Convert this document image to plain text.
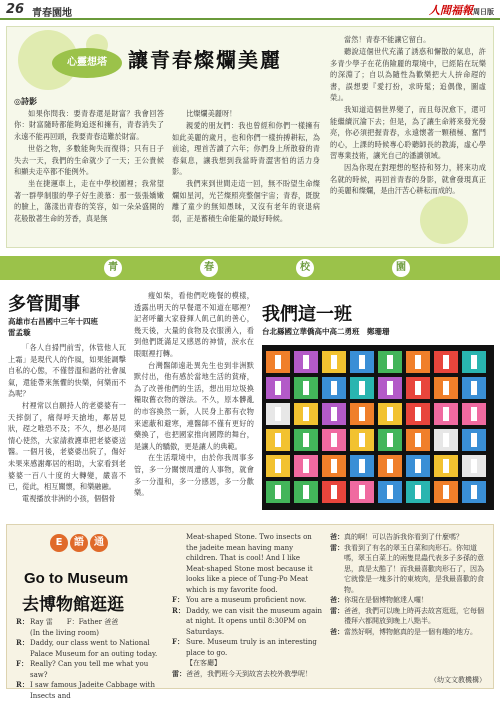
26 青春園地	人間福報周日版
心靈想塔	讓青春燦爛美麗
◎詩影

如果你問我：要青春還是財富？我會回答你：財富隨時都能夠追逐和擁有，青春消失了永遠不能再回頭，我要青春這難於財富。

世俗之物，多數能夠失而復得；只有日子失去一天，我們的生命就少了一天；王公貴候和顯夫走卒都不能例外。

坐在捷運車上，走在中學校園裡；我常望著一群學制服的學子好生羨慕：那一張張嬌嫩的臉上，蕩漾出青春的笑容，如一朵朵盛開的花般散著生命的芳香，真是無

比燦爛美麗呀！

親愛的朋友們：我也曾經和你們一樣擁有如此美麗的歲月，也和你們一樣拚搏耕耘，為前途，理首苦讀了六年；你們身上所散發的青春氣息，讓我想到我當時青澀害怕的活力身影。

我們來到世間走這一回，無不盼望生命燦爛如星河，光芒燦照亮整個宇宙；青春，既脫離了童少的無知愚昧，又沒有老年的衰退病弱，正是蓄積生命能量的最好時候。

當然！青春不能讓它留白。

聽說這個世代充滿了誘惑和懈散的氣息，許多青少學子在花俏險麗的環境中，已經陷在玩樂的深淵了；自以為隨性為歡樂把大人拚命趕的書，誤想要『愛打扮，求時髦；追偶像，圖虛榮』。

我知道這個世界變了，而且每況愈下，還可能繼續沉淪下去；但是，為了讓生命將來發光發亮，你必須把握青春，永遠懷著一顆積極、奮鬥的心，上課的時候專心聆聽師長的教誨，虛心學習專業技術，讓光自己的潘讀領域。

因為你現在對理想的堅持和努力，將來功成名就的時候，再回首青春的身影，就會發現真正的美麗和燦爛，是由汗苦心耕耘而成的。

青	春	校	園
多管閒事
高雄市右昌國中三年十四班
雷孟璇

「各人自掃門前雪，休管他人瓦上霜」是現代人的作風，如果能調擊自私的心態，不僅替溫和諧的社會風氣，還能帶來無懼的快樂，何樂而不為呢？

村裡常以自願持人的老婆婆有一天摔倒了，痛得呼天搶地，鄰居見狀，趕之唯恐不及；不久，想必是同情心使然，大家請救護車把老婆婆送醫。一個月後，老婆婆出院了，傷好未果來感謝鄰居的相助，大家看到老婆婆一百八十度的大轉變，嚴喜不已，從此，相互關懷，和樂融融。

電視播放非洲的小孩，個個骨

瘦如柴，看他們吃晚餐的模樣，透露出明天的早餐還不知道在哪裡？記者呼籲大家發揮人飢己飢的善心，幾天後，大量的食物及衣服湧入，看到他們既滿足又感恩的神情，淚水在眼眶裡打轉。

台灣醫師遠赴異先生也到非洲默默付出，他有感於當地生活的貧瘠，為了改善他們的生活，想出用垃圾換糧取舊衣物的辦法。不久，原本髒亂的市容換然一新，人民身上都有衣物來遮蔽和避寒，連醫師不僅有更好的藥換了，也把國家推向國際的舞台，是讓人的驕傲，更是讓人的典範。

在生活環境中，由於你我周事多管，多一分關懷周遭的人事物，就會多一分溫和，多一分感恩，多一分歡樂。

我們這一班
台北縣國立華僑高中高二勇班　鄭珊珊
E	語	通
Go to Museum
去博物館逛逛
R： Ray 雷　　F：Father 爸爸
(In the living room)
R： Daddy, our class went to National Palace Museum for an outing today.
F： Really? Can you tell me what you saw?
R： I saw famous Jadeite Cabbage with Insects and
Meat-shaped Stone. Two insects on the jadeite mean having many children. That is cool! And I like Meat-shaped Stone most because it looks like a piece of Tung-Po Meat which is my favorite food.
F： You are a museum proficient now.
R： Daddy, we can visit the museum again at night. It opens until 8:30PM on Saturdays.
F： Sure. Museum truly is an interesting place to go.
【在客廳】
雷： 爸爸，我們班今天到故宮去校外教學呢！
爸： 真的啊！可以告訴我你看到了什麼嗎？
雷： 我看到了有名的翠玉白菜和肉形石。你知道嗎，翠玉白菜上的兩隻昆蟲代表多子多孫的意思，真是太酷了！而我最喜歡肉形石了，因為它就像是一塊多汁的東坡肉，是我最喜歡的食物。
爸： 你現在是個博物館達人囉！
雷： 爸爸，我們可以晚上時再去故宮逛逛，它每個禮拜六都開放到晚上八點半。
爸： 當然好啊，博物館真的是一個有趣的地方。
（幼文文教機構）
